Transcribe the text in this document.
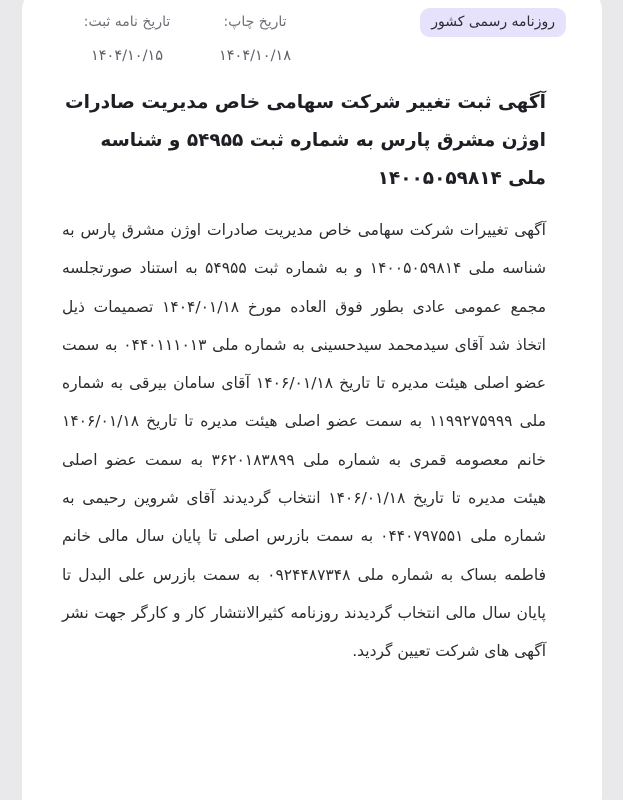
روزنامه رسمی کشور
تاریخ چاپ:
۱۴۰۴/۱۰/۱۸
تاریخ نامه ثبت:
۱۴۰۴/۱۰/۱۵
آگهی ثبت تغییر شرکت سهامی خاص مدیریت صادرات اوژن مشرق پارس به شماره ثبت ۵۴۹۵۵ و شناسه ملی ۱۴۰۰۵۰۵۹۸۱۴
آگهی تغییرات شرکت سهامی خاص مدیریت صادرات اوژن مشرق پارس به شناسه ملی ۱۴۰۰۵۰۵۹۸۱۴ و به شماره ثبت ۵۴۹۵۵ به استناد صورتجلسه مجمع عمومی عادی بطور فوق العاده مورخ ۱۴۰۴/۰۱/۱۸ تصمیمات ذیل اتخاذ شد آقای سیدمحمد سیدحسینی به شماره ملی ۰۴۴۰۱۱۱۰۱۳ به سمت عضو اصلی هیئت مدیره تا تاریخ ۱۴۰۶/۰۱/۱۸ آقای سامان بیرقی به شماره ملی ۱۱۹۹۲۷۵۹۹۹ به سمت عضو اصلی هیئت مدیره تا تاریخ ۱۴۰۶/۰۱/۱۸ خانم معصومه قمری به شماره ملی ۳۶۲۰۱۸۳۸۹۹ به سمت عضو اصلی هیئت مدیره تا تاریخ ۱۴۰۶/۰۱/۱۸ انتخاب گردیدند آقای شروین رحیمی به شماره ملی ۰۴۴۰۷۹۷۵۵۱ به سمت بازرس اصلی تا پایان سال مالی خانم فاطمه بساک به شماره ملی ۰۹۲۴۴۸۷۳۴۸ به سمت بازرس علی البدل تا پایان سال مالی انتخاب گردیدند روزنامه کثیرالانتشار کار و کارگر جهت نشر آگهی های شرکت تعیین گردید.
